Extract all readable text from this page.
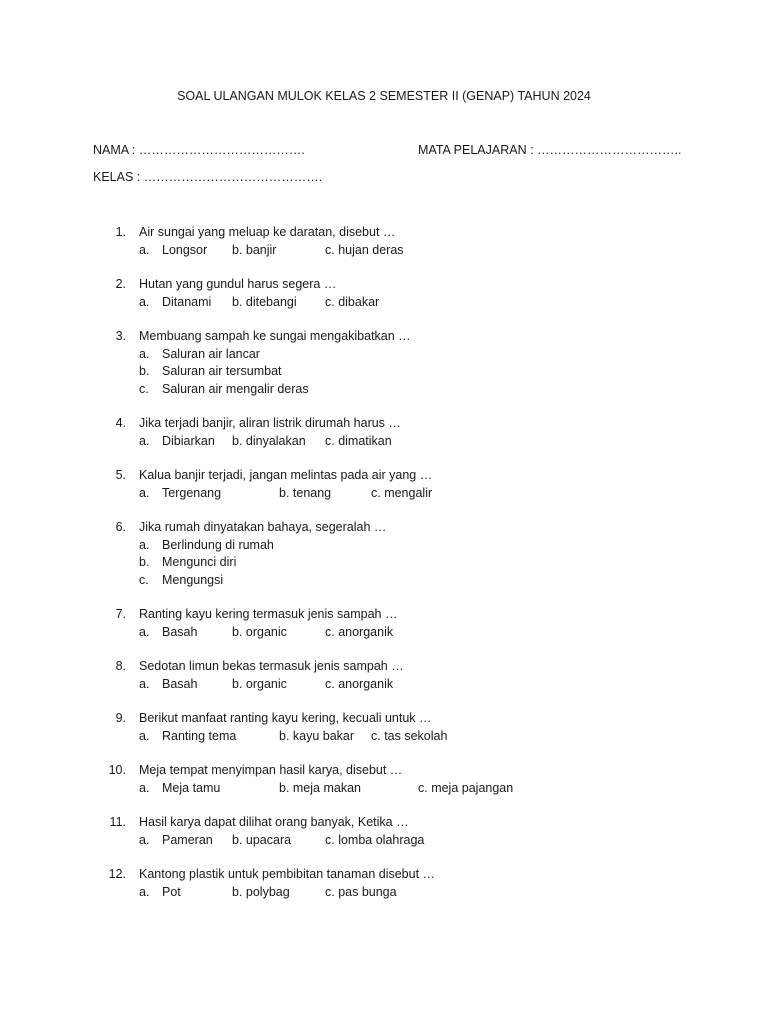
SOAL ULANGAN MULOK KELAS 2 SEMESTER II (GENAP) TAHUN 2024
NAMA : ………………………………….	MATA PELAJARAN : ……………………………..
KELAS : …………………………………….
1. Air sungai yang meluap ke daratan, disebut …
a. Longsor b. banjir	c. hujan deras
2. Hutan yang gundul harus segera …
a. Ditanami b. ditebangi c. dibakar
3. Membuang sampah ke sungai mengakibatkan …
a. Saluran air lancar
b. Saluran air tersumbat
c. Saluran air mengalir deras
4. Jika terjadi banjir, aliran listrik dirumah harus …
a. Dibiarkan b. dinyalakan c. dimatikan
5. Kalua banjir terjadi, jangan melintas pada air yang …
a. Tergenang	b. tenang	c. mengalir
6. Jika rumah dinyatakan bahaya, segeralah …
a. Berlindung di rumah
b. Mengunci diri
c. Mengungsi
7. Ranting kayu kering termasuk jenis sampah …
a. Basah	b. organic	c. anorganik
8. Sedotan limun bekas termasuk jenis sampah …
a. Basah	b. organic	c. anorganik
9. Berikut manfaat ranting kayu kering, kecuali untuk …
a. Ranting tema	b. kayu bakar c. tas sekolah
10. Meja tempat menyimpan hasil karya, disebut …
a. Meja tamu	b. meja makan	c. meja pajangan
11. Hasil karya dapat dilihat orang banyak, Ketika …
a. Pameran b. upacara	c. lomba olahraga
12. Kantong plastik untuk pembibitan tanaman disebut …
a. Pot	b. polybag	c. pas bunga
